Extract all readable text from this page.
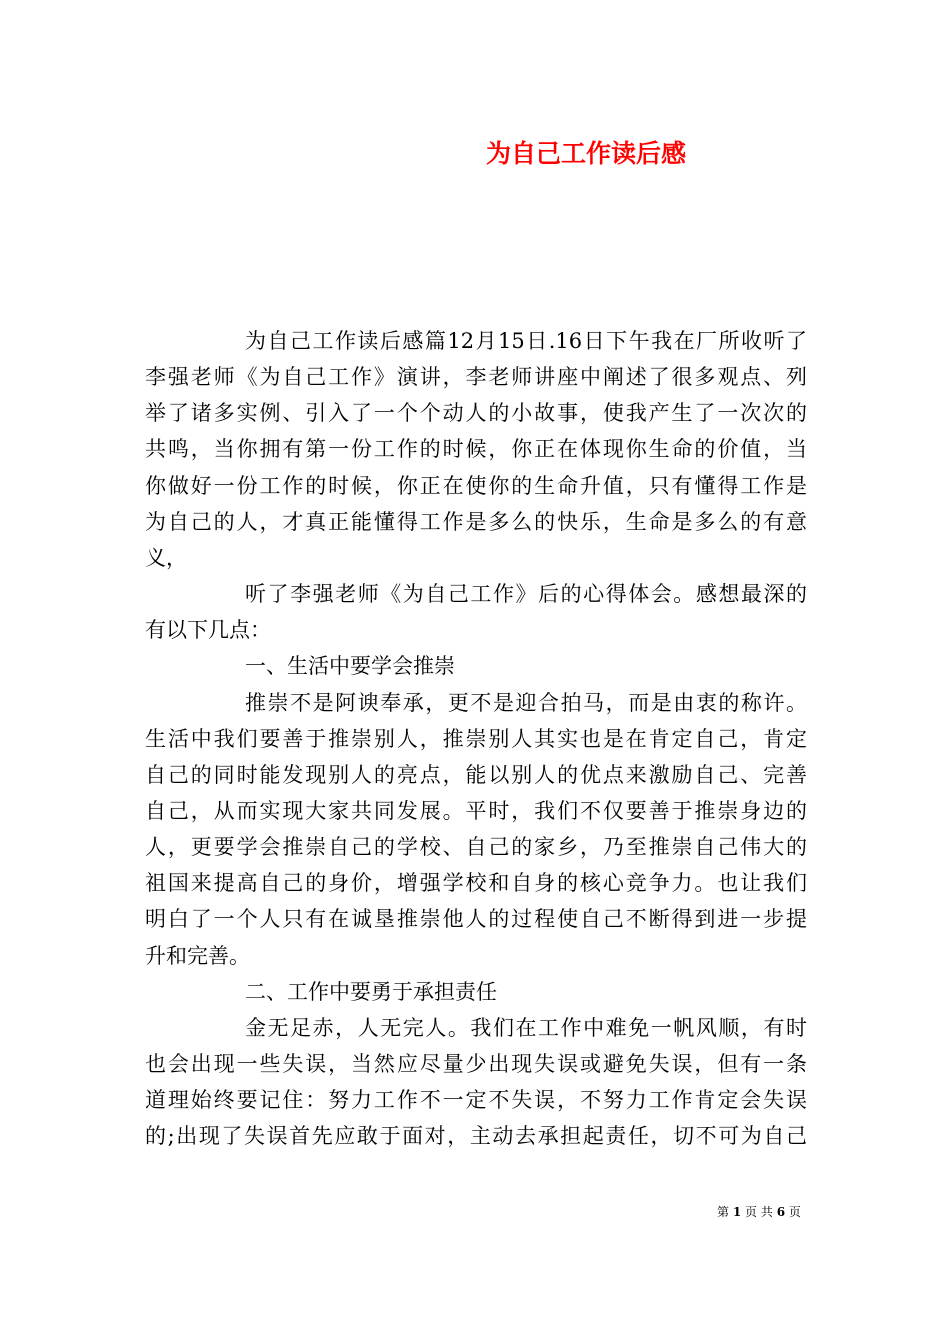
为自己工作读后感

为自己工作读后感篇12月15日.16日下午我在厂所收听了

李强老师《为自己工作》演讲，李老师讲座中阐述了很多观点、列

举了诸多实例、引入了一个个动人的小故事，使我产生了一次次的

共鸣，当你拥有第一份工作的时候，你正在体现你生命的价值，当

你做好一份工作的时候，你正在使你的生命升值，只有懂得工作是

为自己的人，才真正能懂得工作是多么的快乐，生命是多么的有意

义，

听了李强老师《为自己工作》后的心得体会。感想最深的

有以下几点：

一、生活中要学会推崇

推崇不是阿谀奉承，更不是迎合拍马，而是由衷的称许。

生活中我们要善于推崇别人，推崇别人其实也是在肯定自己，肯定

自己的同时能发现别人的亮点，能以别人的优点来激励自己、完善

自己，从而实现大家共同发展。平时，我们不仅要善于推崇身边的

人，更要学会推崇自己的学校、自己的家乡，乃至推崇自己伟大的

祖国来提高自己的身价，增强学校和自身的核心竞争力。也让我们

明白了一个人只有在诚垦推崇他人的过程使自己不断得到进一步提

升和完善。

二、工作中要勇于承担责任

金无足赤，人无完人。我们在工作中难免一帆风顺，有时

也会出现一些失误，当然应尽量少出现失误或避免失误，但有一条

道理始终要记住：努力工作不一定不失误，不努力工作肯定会失误

的;出现了失误首先应敢于面对，主动去承担起责任，切不可为自己

第 1 页 共 6 页
